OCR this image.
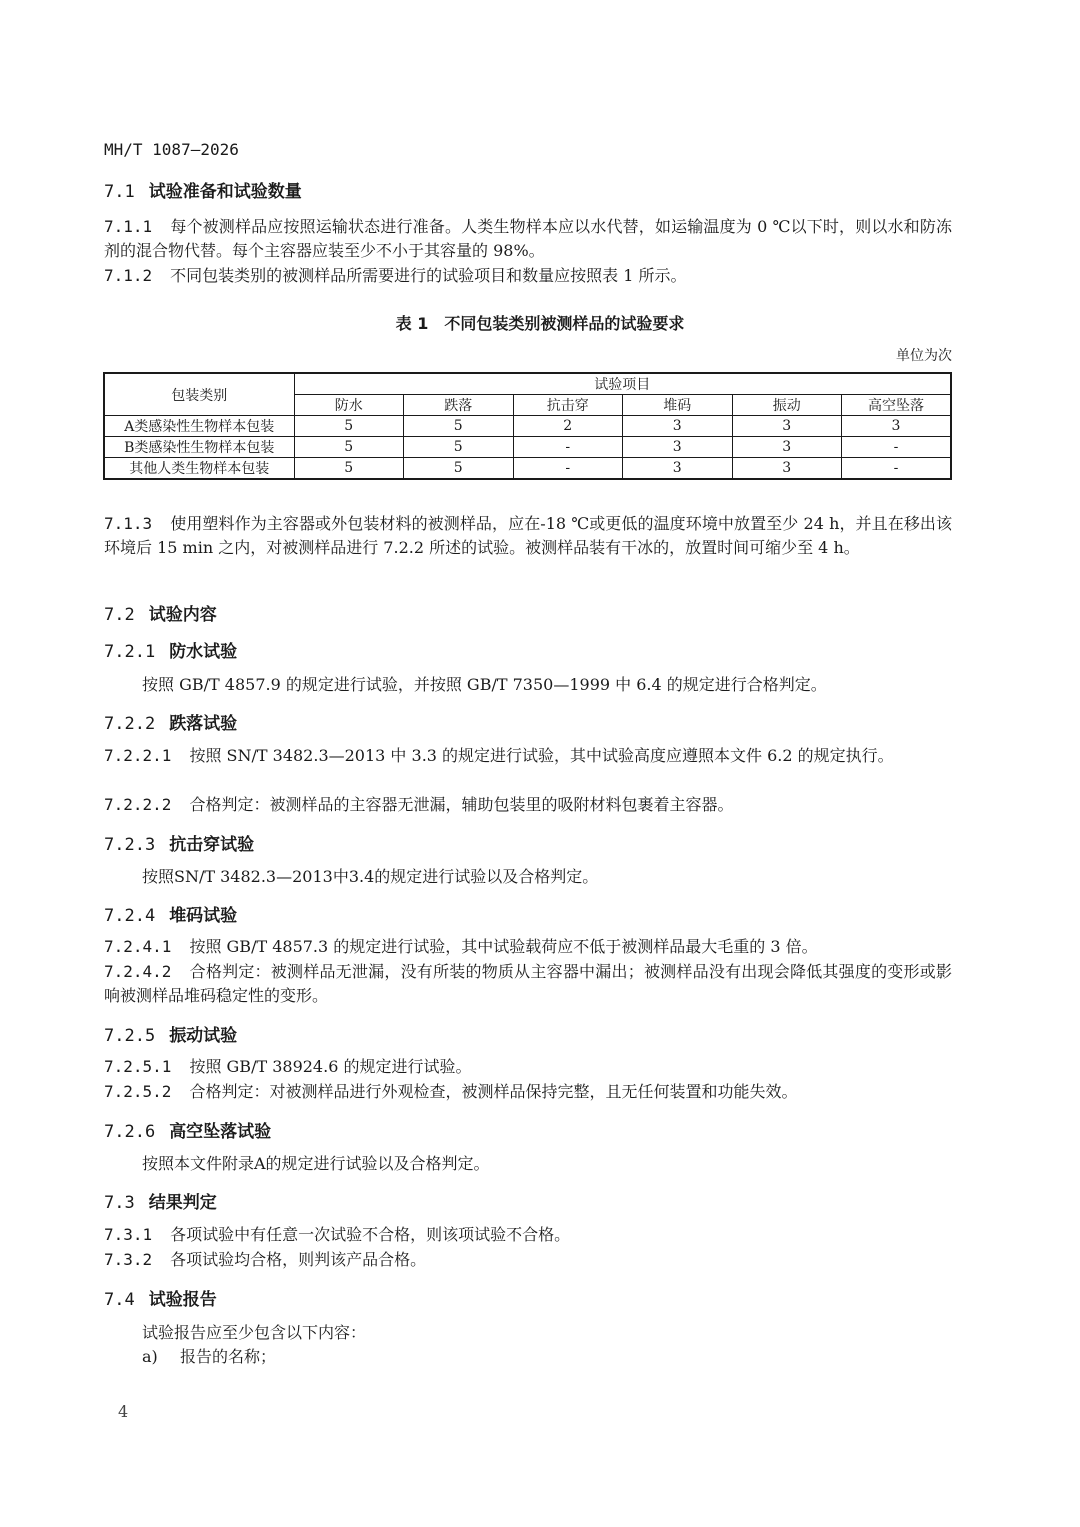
MH/T 1087—2026
7.1 试验准备和试验数量
7.1.1 每个被测样品应按照运输状态进行准备。人类生物样本应以水代替，如运输温度为 0 ℃以下时，则以水和防冻剂的混合物代替。每个主容器应装至少不小于其容量的 98%。
7.1.2 不同包装类别的被测样品所需要进行的试验项目和数量应按照表 1 所示。
表 1　不同包装类别被测样品的试验要求
单位为次
包装类别	试验项目					
	防水	跌落	抗击穿	堆码	振动	高空坠落
A类感染性生物样本包装	5	5	2	3	3	3
B类感染性生物样本包装	5	5	-	3	3	-
其他人类生物样本包装	5	5	-	3	3	-
7.1.3 使用塑料作为主容器或外包装材料的被测样品，应在-18 ℃或更低的温度环境中放置至少 24 h，并且在移出该环境后 15 min 之内，对被测样品进行 7.2.2 所述的试验。被测样品装有干冰的，放置时间可缩少至 4 h。
7.2 试验内容
7.2.1 防水试验
按照 GB/T 4857.9 的规定进行试验，并按照 GB/T 7350—1999 中 6.4 的规定进行合格判定。
7.2.2 跌落试验
7.2.2.1 按照 SN/T 3482.3—2013 中 3.3 的规定进行试验，其中试验高度应遵照本文件 6.2 的规定执行。
7.2.2.2 合格判定：被测样品的主容器无泄漏，辅助包装里的吸附材料包裹着主容器。
7.2.3 抗击穿试验
按照SN/T 3482.3—2013中3.4的规定进行试验以及合格判定。
7.2.4 堆码试验
7.2.4.1 按照 GB/T 4857.3 的规定进行试验，其中试验载荷应不低于被测样品最大毛重的 3 倍。
7.2.4.2 合格判定：被测样品无泄漏，没有所装的物质从主容器中漏出；被测样品没有出现会降低其强度的变形或影响被测样品堆码稳定性的变形。
7.2.5 振动试验
7.2.5.1 按照 GB/T 38924.6 的规定进行试验。
7.2.5.2 合格判定：对被测样品进行外观检查，被测样品保持完整，且无任何装置和功能失效。
7.2.6 高空坠落试验
按照本文件附录A的规定进行试验以及合格判定。
7.3 结果判定
7.3.1 各项试验中有任意一次试验不合格，则该项试验不合格。
7.3.2 各项试验均合格，则判该产品合格。
7.4 试验报告
试验报告应至少包含以下内容：
a) 报告的名称；
4
